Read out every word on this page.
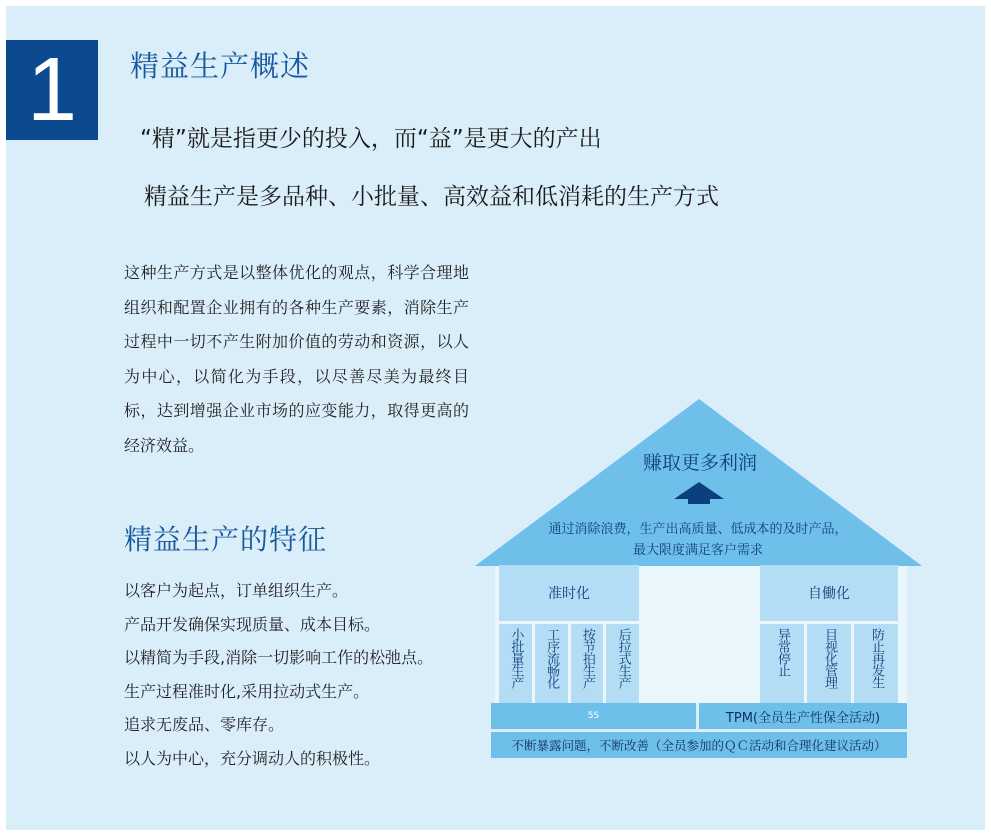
1	精益生产概述
“精”就是指更少的投入，而“益”是更大的产出
精益生产是多品种、小批量、高效益和低消耗的生产方式
这种生产方式是以整体优化的观点，科学合理地组织和配置企业拥有的各种生产要素，消除生产过程中一切不产生附加价值的劳动和资源，以人为中心，以简化为手段，以尽善尽美为最终目标，达到增强企业市场的应变能力，取得更高的经济效益。
精益生产的特征
以客户为起点，订单组织生产。
产品开发确保实现质量、成本目标。
以精简为手段,消除一切影响工作的松弛点。
生产过程准时化,采用拉动式生产。
追求无废品、零库存。
以人为中心，充分调动人的积极性。
赚取更多利润
通过消除浪费，生产出高质量、低成本的及时产品，最大限度满足客户需求
准时化
小批量生产 工序流畅化 按节拍生产 后拉式生产
自働化
异常停止 目视化管理 防止再发生
5S	TPM(全员生产性保全活动)
不断暴露问题，不断改善（全员参加的ＱＣ活动和合理化建议活动）
